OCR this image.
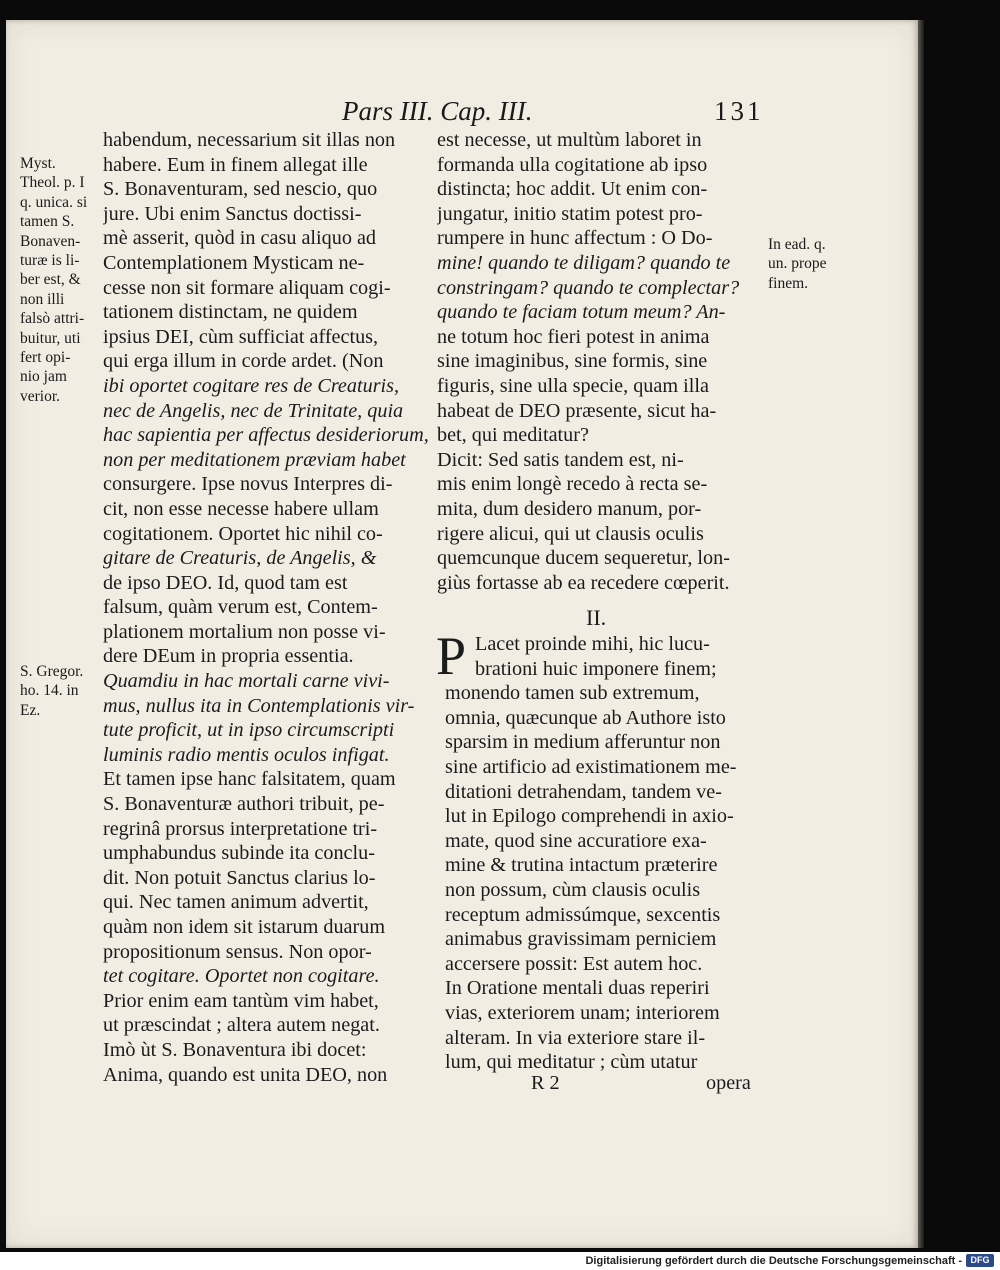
Pars III. Cap. III.	131
Myst.
Theol. p. I
q. unica. si
tamen S.
Bonaven-
turæ is li-
ber est, &
non illi
falsò attri-
buitur, uti
fert opi-
nio jam
verior.
S. Gregor.
ho. 14. in
Ez.
In ead. q.
un. prope
finem.
habendum, necessarium sit illas non
habere. Eum in finem allegat ille
S. Bonaventuram, sed nescio, quo
jure. Ubi enim Sanctus doctissi-
mè asserit, quòd in casu aliquo ad
Contemplationem Mysticam ne-
cesse non sit formare aliquam cogi-
tationem distinctam, ne quidem
ipsius DEI, cùm sufficiat affectus,
qui erga illum in corde ardet. (Non
ibi oportet cogitare res de Creaturis,
nec de Angelis, nec de Trinitate, quia
hac sapientia per affectus desideriorum,
non per meditationem præviam habet
consurgere. Ipse novus Interpres di-
cit, non esse necesse habere ullam
cogitationem. Oportet hic nihil co-
gitare de Creaturis, de Angelis, &
de ipso DEO. Id, quod tam est
falsum, quàm verum est, Contem-
plationem mortalium non posse vi-
dere DEum in propria essentia.
Quamdiu in hac mortali carne vivi-
mus, nullus ita in Contemplationis vir-
tute proficit, ut in ipso circumscripti
luminis radio mentis oculos infigat.
Et tamen ipse hanc falsitatem, quam
S. Bonaventuræ authori tribuit, pe-
regrinâ prorsus interpretatione tri-
umphabundus subinde ita conclu-
dit. Non potuit Sanctus clarius lo-
qui. Nec tamen animum advertit,
quàm non idem sit istarum duarum
propositionum sensus. Non opor-
tet cogitare. Oportet non cogitare.
Prior enim eam tantùm vim habet,
ut præscindat ; altera autem negat.
Imò ùt S. Bonaventura ibi docet:
Anima, quando est unita DEO, non
est necesse, ut multùm laboret in
formanda ulla cogitatione ab ipso
distincta; hoc addit. Ut enim con-
jungatur, initio statim potest pro-
rumpere in hunc affectum : O Do-
mine! quando te diligam? quando te
constringam? quando te complectar?
quando te faciam totum meum? An-
ne totum hoc fieri potest in anima
sine imaginibus, sine formis, sine
figuris, sine ulla specie, quam illa
habeat de DEO præsente, sicut ha-
bet, qui meditatur?
Dicit: Sed satis tandem est, ni-
mis enim longè recedo à recta se-
mita, dum desidero manum, por-
rigere alicui, qui ut clausis oculis
quemcunque ducem sequeretur, lon-
giùs fortasse ab ea recedere cœperit.
II.
P Lacet proinde mihi, hic lucu-
brationi huic imponere finem;
monendo tamen sub extremum,
omnia, quæcunque ab Authore isto
sparsim in medium afferuntur non
sine artificio ad existimationem me-
ditationi detrahendam, tandem ve-
lut in Epilogo comprehendi in axio-
mate, quod sine accuratiore exa-
mine & trutina intactum præterire
non possum, cùm clausis oculis
receptum admissúmque, sexcentis
animabus gravissimam perniciem
accersere possit: Est autem hoc.
In Oratione mentali duas reperiri
vias, exteriorem unam; interiorem
alteram. In via exteriore stare il-
lum, qui meditatur ; cùm utatur
R 2	opera
Digitalisierung gefördert durch die Deutsche Forschungsgemeinschaft - DFG
